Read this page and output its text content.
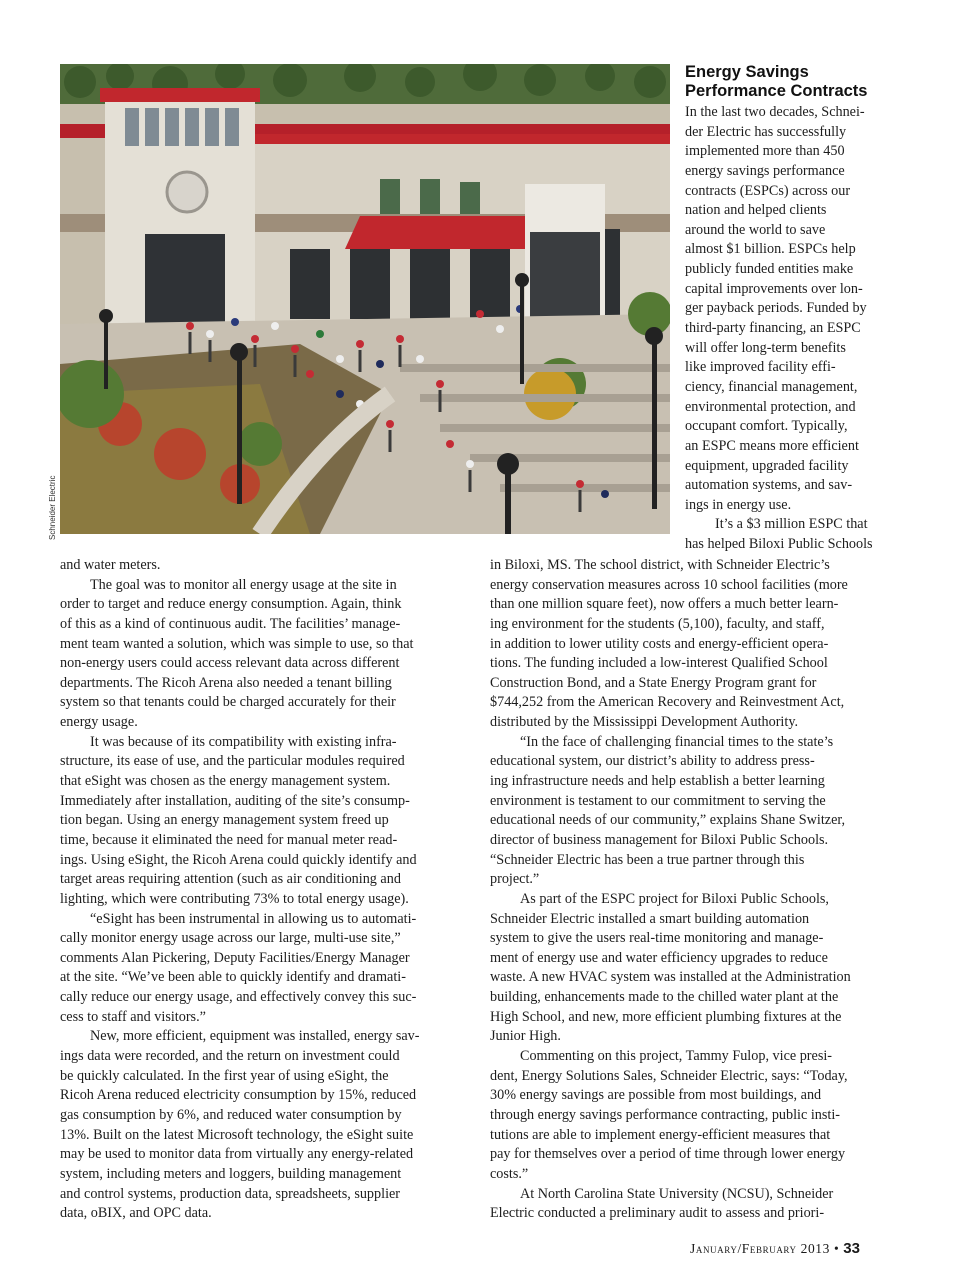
Schneider Electric
Energy Savings
Performance Contracts
In the last two decades, Schnei-
der Electric has successfully
implemented more than 450
energy savings performance
contracts (ESPCs) across our
nation and helped clients
around the world to save
almost $1 billion. ESPCs help
publicly funded entities make
capital improvements over lon-
ger payback periods. Funded by
third-party financing, an ESPC
will offer long-term benefits
like improved facility effi-
ciency, financial management,
environmental protection, and
occupant comfort. Typically,
an ESPC means more efficient
equipment, upgraded facility
automation systems, and sav-
ings in energy use.
It’s a $3 million ESPC that
has helped Biloxi Public Schools
and water meters.
The goal was to monitor all energy usage at the site in
order to target and reduce energy consumption. Again, think
of this as a kind of continuous audit. The facilities’ manage-
ment team wanted a solution, which was simple to use, so that
non-energy users could access relevant data across different
departments. The Ricoh Arena also needed a tenant billing
system so that tenants could be charged accurately for their
energy usage.
It was because of its compatibility with existing infra-
structure, its ease of use, and the particular modules required
that eSight was chosen as the energy management system.
Immediately after installation, auditing of the site’s consump-
tion began. Using an energy management system freed up
time, because it eliminated the need for manual meter read-
ings. Using eSight, the Ricoh Arena could quickly identify and
target areas requiring attention (such as air conditioning and
lighting, which were contributing 73% to total energy usage).
“eSight has been instrumental in allowing us to automati-
cally monitor energy usage across our large, multi-use site,”
comments Alan Pickering, Deputy Facilities/Energy Manager
at the site. “We’ve been able to quickly identify and dramati-
cally reduce our energy usage, and effectively convey this suc-
cess to staff and visitors.”
New, more efficient, equipment was installed, energy sav-
ings data were recorded, and the return on investment could
be quickly calculated. In the first year of using eSight, the
Ricoh Arena reduced electricity consumption by 15%, reduced
gas consumption by 6%, and reduced water consumption by
13%. Built on the latest Microsoft technology, the eSight suite
may be used to monitor data from virtually any energy-related
system, including meters and loggers, building management
and control systems, production data, spreadsheets, supplier
data, oBIX, and OPC data.
in Biloxi, MS. The school district, with Schneider Electric’s
energy conservation measures across 10 school facilities (more
than one million square feet), now offers a much better learn-
ing environment for the students (5,100), faculty, and staff,
in addition to lower utility costs and energy-efficient opera-
tions. The funding included a low-interest Qualified School
Construction Bond, and a State Energy Program grant for
$744,252 from the American Recovery and Reinvestment Act,
distributed by the Mississippi Development Authority.
“In the face of challenging financial times to the state’s
educational system, our district’s ability to address press-
ing infrastructure needs and help establish a better learning
environment is testament to our commitment to serving the
educational needs of our community,” explains Shane Switzer,
director of business management for Biloxi Public Schools.
“Schneider Electric has been a true partner through this
project.”
As part of the ESPC project for Biloxi Public Schools,
Schneider Electric installed a smart building automation
system to give the users real-time monitoring and manage-
ment of energy use and water efficiency upgrades to reduce
waste. A new HVAC system was installed at the Administration
building, enhancements made to the chilled water plant at the
High School, and new, more efficient plumbing fixtures at the
Junior High.
Commenting on this project, Tammy Fulop, vice presi-
dent, Energy Solutions Sales, Schneider Electric, says: “Today,
30% energy savings are possible from most buildings, and
through energy savings performance contracting, public insti-
tutions are able to implement energy-efficient measures that
pay for themselves over a period of time through lower energy
costs.”
At North Carolina State University (NCSU), Schneider
Electric conducted a preliminary audit to assess and priori-
January/February 2013 • 33
